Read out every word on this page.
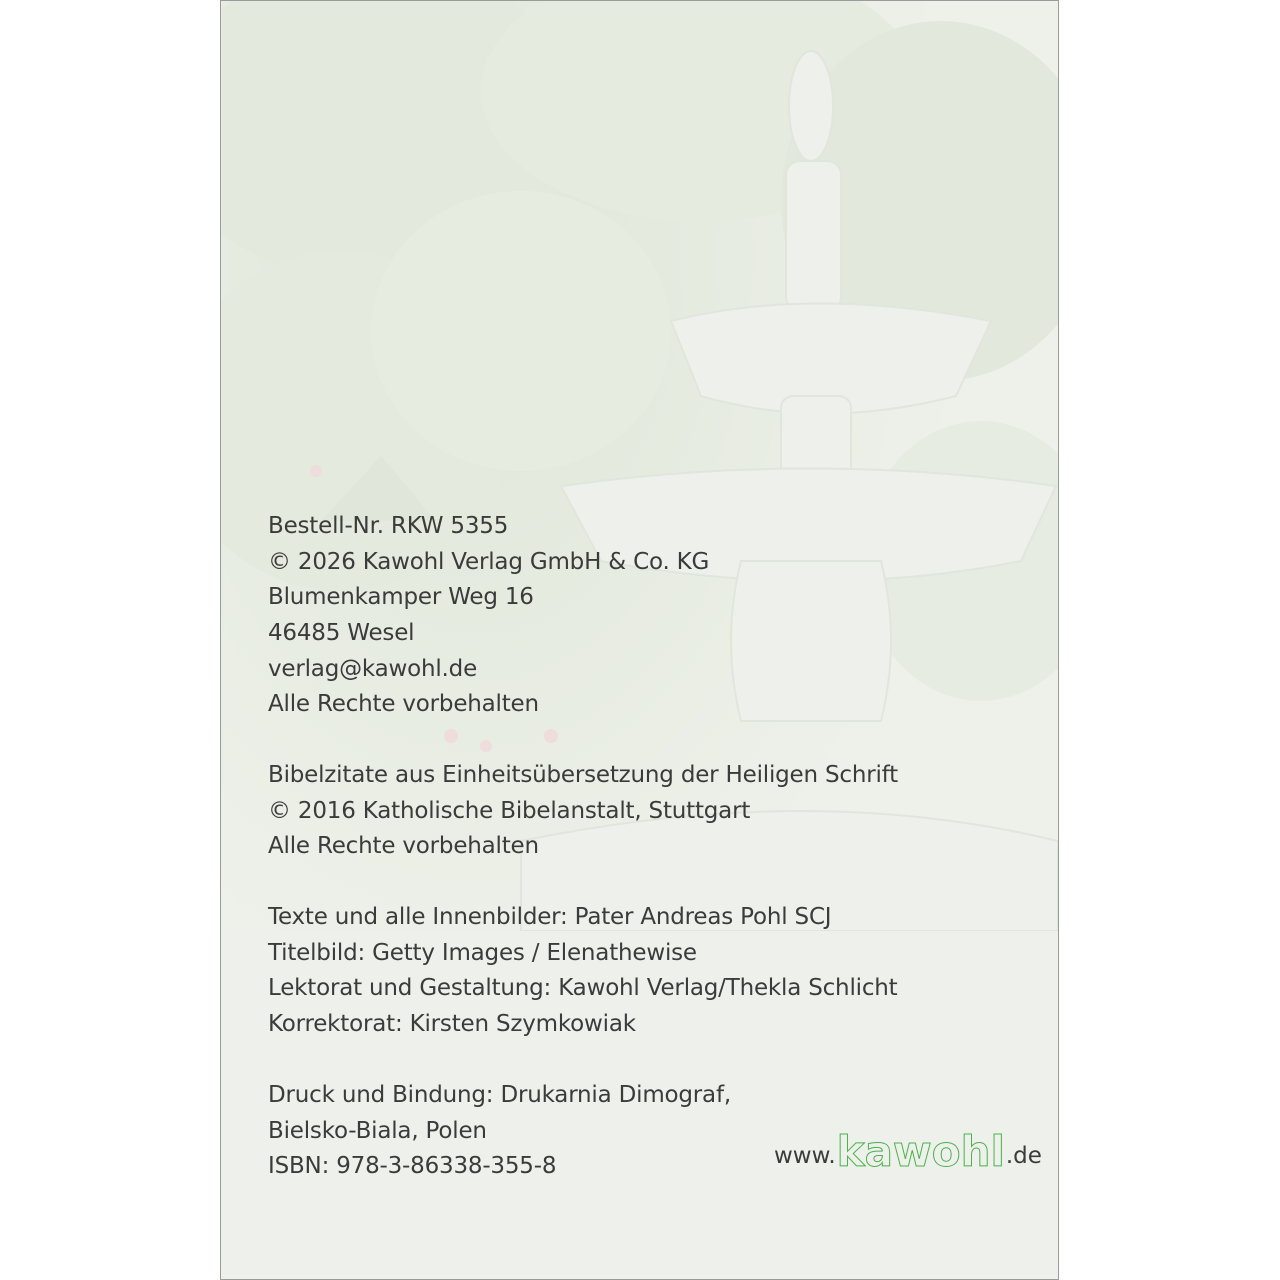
Bestell-Nr. RKW 5355
© 2026 Kawohl Verlag GmbH & Co. KG
Blumenkamper Weg 16
46485 Wesel
verlag@kawohl.de
Alle Rechte vorbehalten
Bibelzitate aus Einheitsübersetzung der Heiligen Schrift
© 2016 Katholische Bibelanstalt, Stuttgart
Alle Rechte vorbehalten
Texte und alle Innenbilder: Pater Andreas Pohl SCJ
Titelbild: Getty Images / Elenathewise
Lektorat und Gestaltung: Kawohl Verlag/Thekla Schlicht
Korrektorat: Kirsten Szymkowiak
Druck und Bindung: Drukarnia Dimograf,
Bielsko-Biala, Polen
ISBN: 978-3-86338-355-8	www. kawohl .de
